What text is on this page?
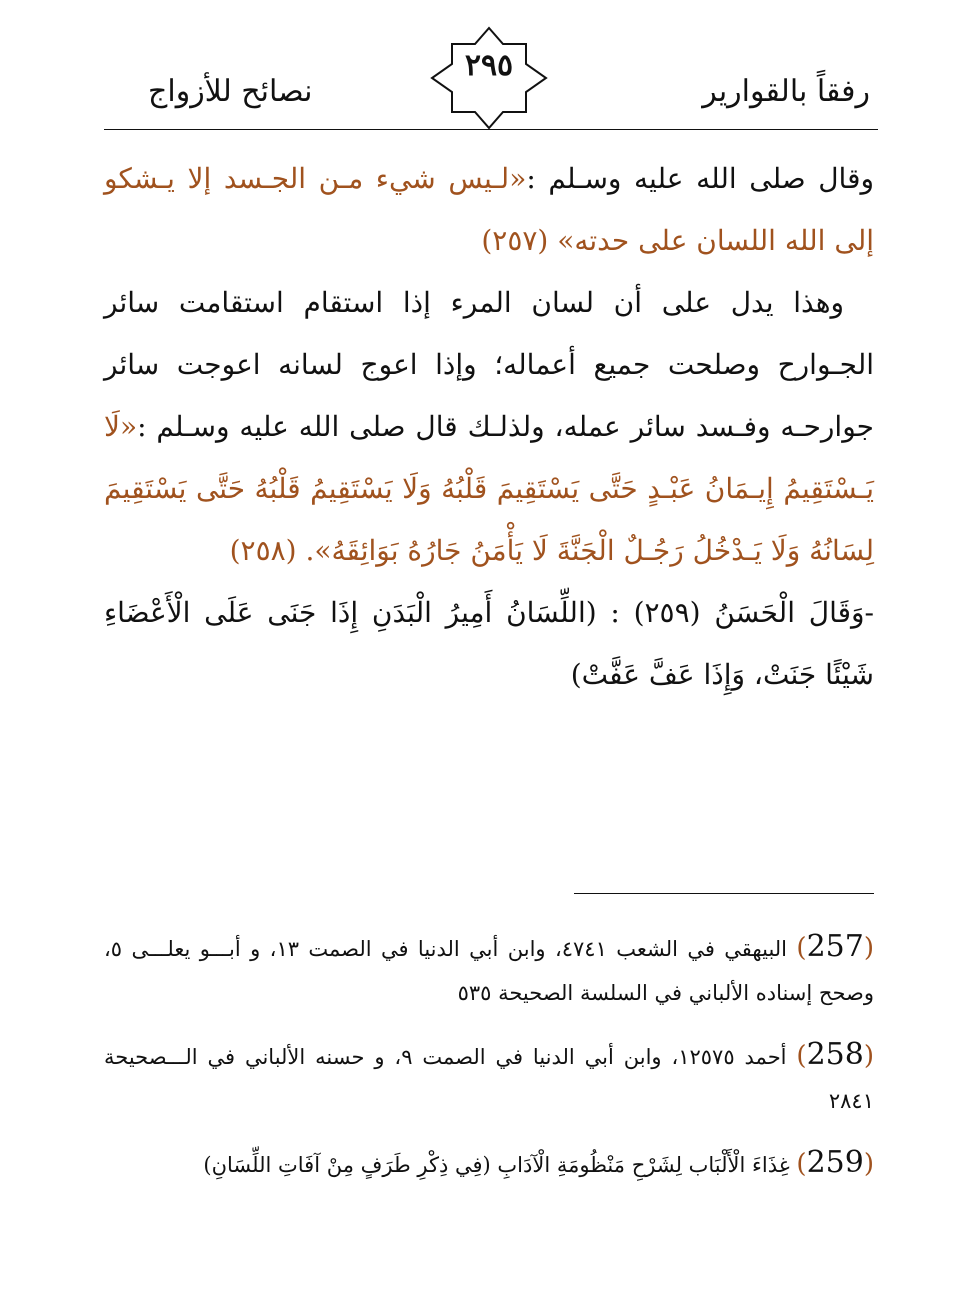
رفقاً بالقوارير
نصائح للأزواج
٢٩٥

وقال صلى الله عليه وسـلم :«لـيس شيء مـن الجـسد إلا يـشكو إلى الله اللسان على حدته» (٢٥٧)

وهذا يدل على أن لسان المرء إذا استقام استقامت سائر الجـوارح وصلحت جميع أعماله؛ وإذا اعوج لسانه اعوجت سائر جوارحـه وفـسد سائر عمله، ولذلـك قال صلى الله عليه وسـلم :«لَا يَـسْتَقِيمُ إِيـمَانُ عَبْـدٍ حَتَّى يَسْتَقِيمَ قَلْبُهُ وَلَا يَسْتَقِيمُ قَلْبُهُ حَتَّى يَسْتَقِيمَ لِسَانُهُ وَلَا يَـدْخُلُ رَجُـلٌ الْجَنَّةَ لَا يَأْمَنُ جَارُهُ بَوَائِقَهُ». (٢٥٨)

-وَقَالَ الْحَسَنُ (٢٥٩) : (اللِّسَانُ أَمِيرُ الْبَدَنِ إِذَا جَنَى عَلَى الْأَعْضَاءِ شَيْئًا جَنَتْ، وَإِذَا عَفَّ عَفَّتْ)

(257) البيهقي في الشعب ٤٧٤١، وابن أبي الدنيا في الصمت ١٣، و أبـــو يعلـــى ٥، وصحح إسناده الألباني في السلسة الصحيحة ٥٣٥

(258) أحمد ١٢٥٧٥، وابن أبي الدنيا في الصمت ٩، و حسنه الألباني في الـــصحيحة ٢٨٤١

(259) غِذَاءَ الْأَلْبَاب لِشَرْحِ مَنْظُومَةِ الْآدَابِ (فِي ذِكْرِ طَرَفٍ مِنْ آفَاتِ اللِّسَانِ)
